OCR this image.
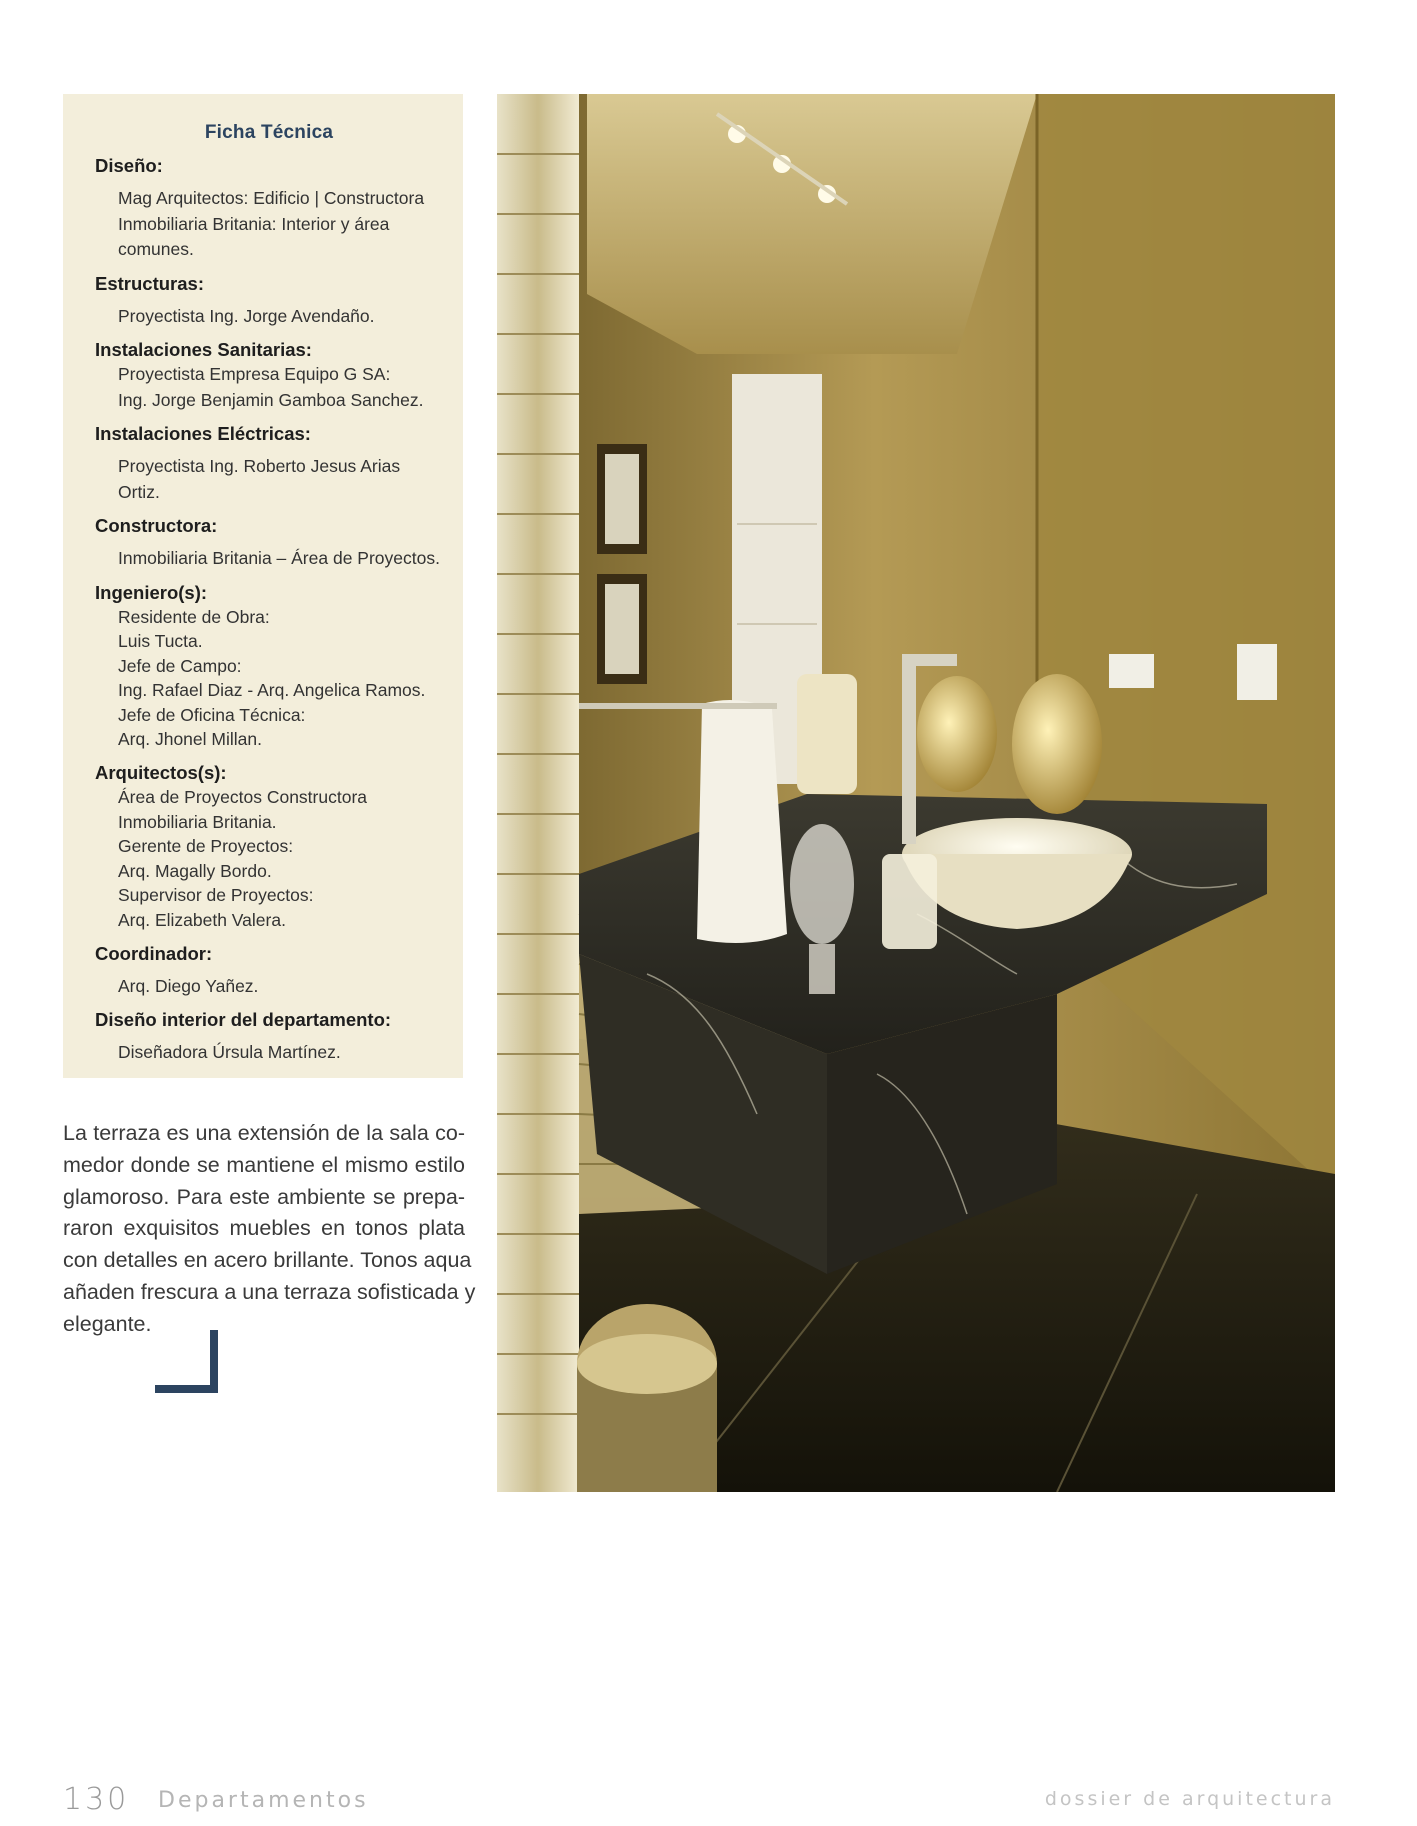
Ficha Técnica
Diseño:
Mag Arquitectos: Edificio | Constructora
Inmobiliaria Britania: Interior y área
comunes.
Estructuras:
Proyectista Ing. Jorge Avendaño.
Instalaciones Sanitarias:
Proyectista Empresa Equipo G SA:
Ing. Jorge Benjamin Gamboa Sanchez.
Instalaciones Eléctricas:
Proyectista Ing. Roberto Jesus Arias Ortiz.
Constructora:
Inmobiliaria Britania – Área de Proyectos.
Ingeniero(s):
Residente de Obra:
Luis Tucta.
Jefe de Campo:
Ing. Rafael Diaz - Arq. Angelica Ramos.
Jefe de Oficina Técnica:
Arq. Jhonel Millan.
Arquitectos(s):
Área de Proyectos Constructora
Inmobiliaria Britania.
Gerente de Proyectos:
Arq. Magally Bordo.
Supervisor de Proyectos:
Arq. Elizabeth Valera.
Coordinador:
Arq. Diego Yañez.
Diseño interior del departamento:
Diseñadora Úrsula Martínez.
La terraza es una extensión de la sala co-
medor donde se mantiene el mismo estilo
glamoroso. Para este ambiente se prepa-
raron exquisitos muebles en tonos plata
con detalles en acero brillante. Tonos aqua
añaden frescura a una terraza sofisticada y
elegante.
130 Departamentos	dossier de arquitectura
